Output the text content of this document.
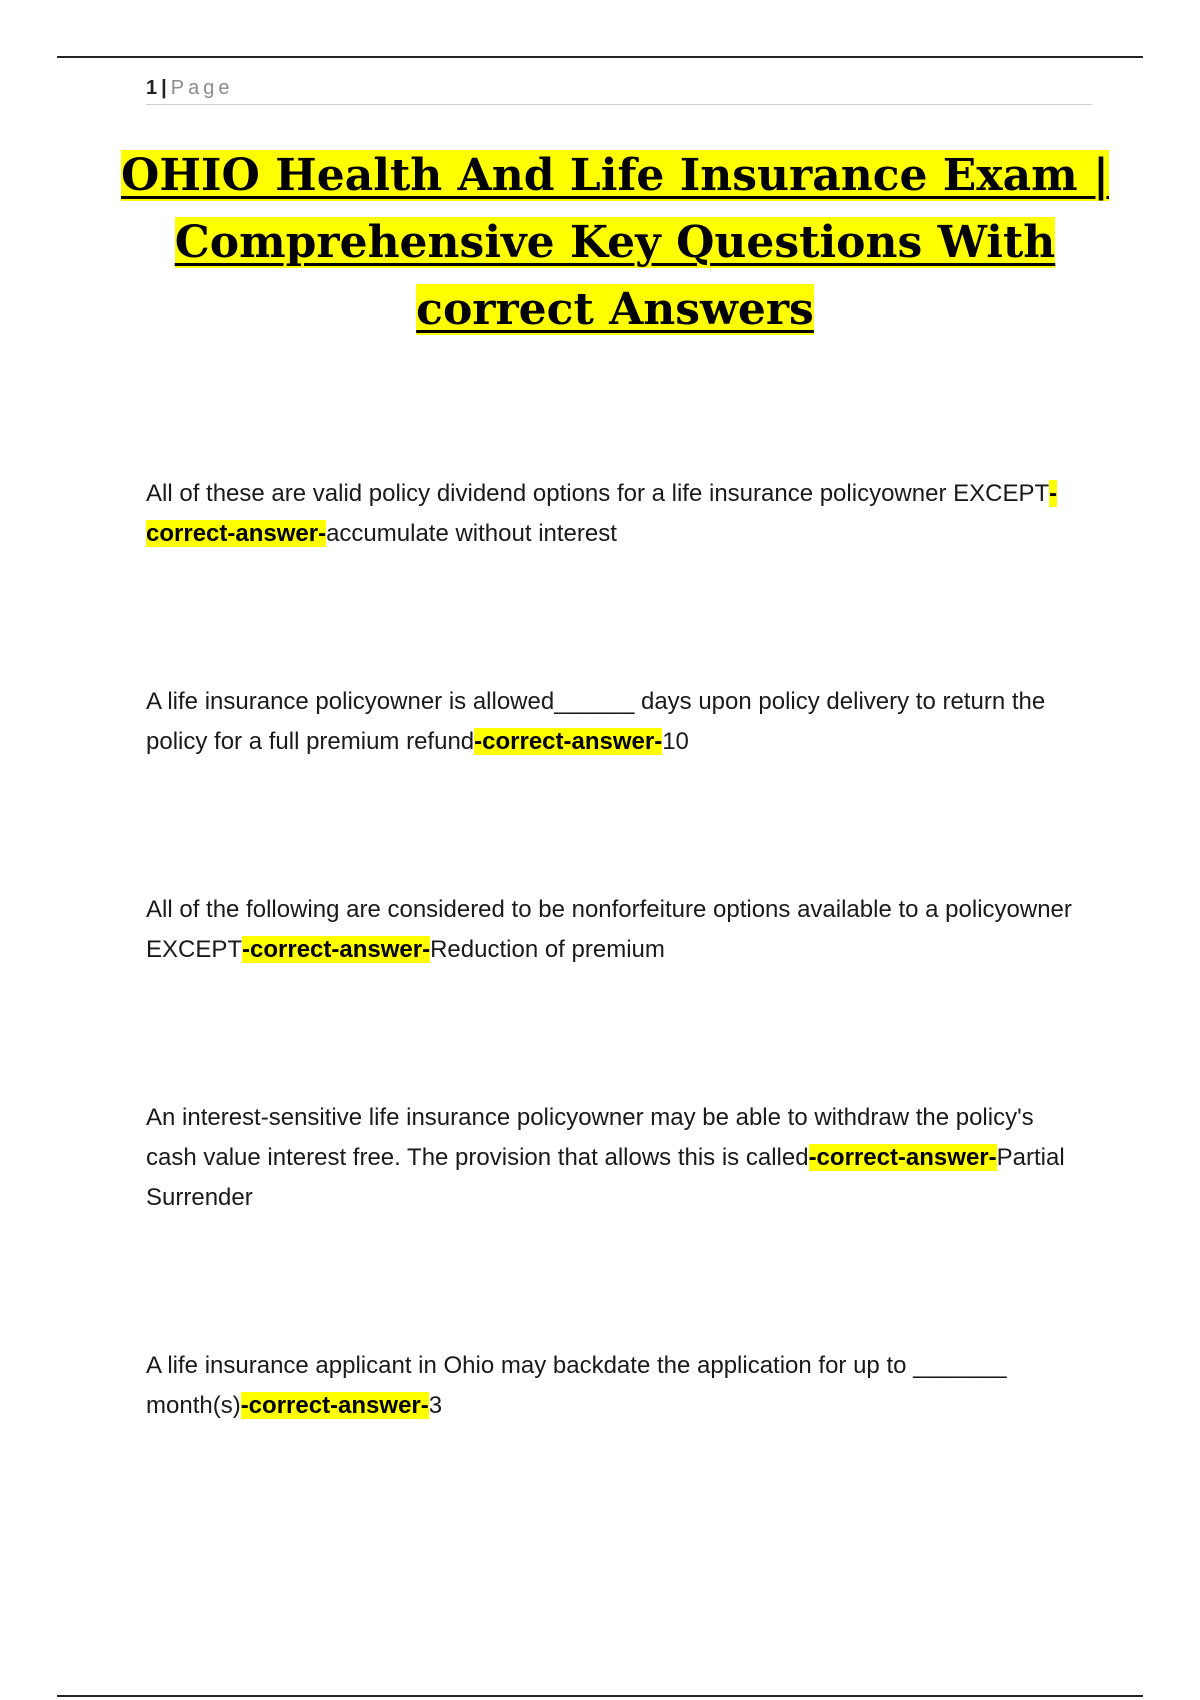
1 | Page
OHIO Health And Life Insurance Exam | Comprehensive Key Questions With correct Answers
All of these are valid policy dividend options for a life insurance policyowner EXCEPT-correct-answer-accumulate without interest
A life insurance policyowner is allowed______ days upon policy delivery to return the policy for a full premium refund-correct-answer-10
All of the following are considered to be nonforfeiture options available to a policyowner EXCEPT-correct-answer-Reduction of premium
An interest-sensitive life insurance policyowner may be able to withdraw the policy's cash value interest free. The provision that allows this is called-correct-answer-Partial Surrender
A life insurance applicant in Ohio may backdate the application for up to _______ month(s)-correct-answer-3
